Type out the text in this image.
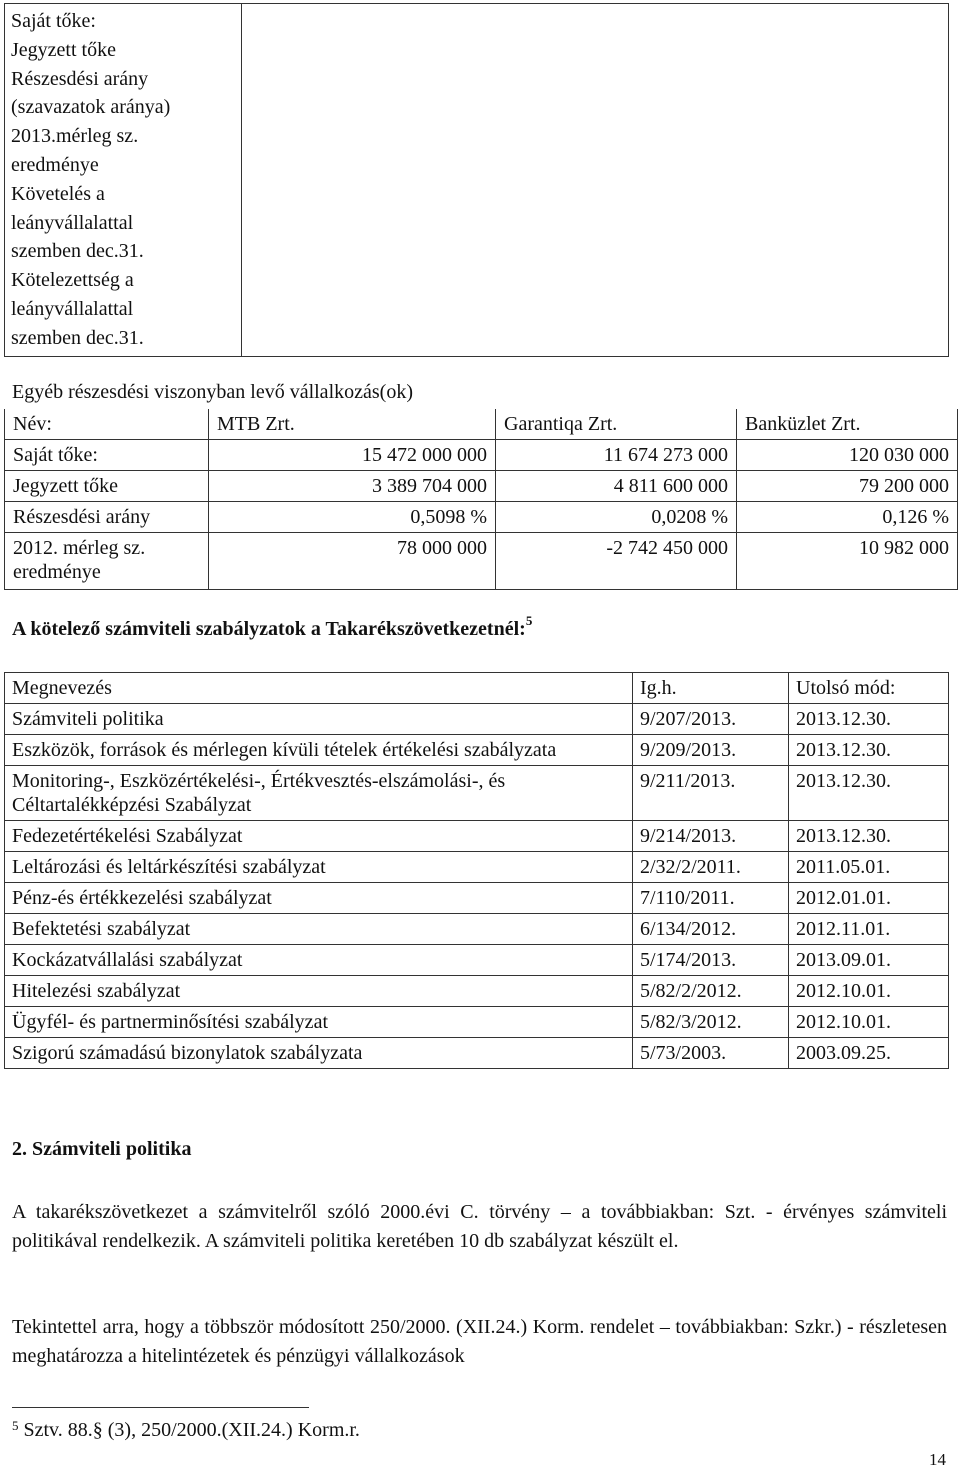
Saját tőke:
Jegyzett tőke
Részesdési arány
(szavazatok aránya)
2013.mérleg sz.
eredménye
Követelés a
leányvállalattal
szemben dec.31.
Kötelezettség a
leányvállalattal
szemben dec.31.

Egyéb részesdési viszonyban levő vállalkozás(ok)
Név:	MTB Zrt.	Garantiqa Zrt.	Banküzlet Zrt.
Saját tőke:	15 472 000 000	11 674 273 000	120 030 000
Jegyzett tőke	3 389 704 000	4 811 600 000	79 200 000
Részesdési arány	0,5098 %	0,0208 %	0,126 %
2012. mérleg sz. eredménye	78 000 000	-2 742 450 000	10 982 000
A kötelező számviteli szabályzatok a Takarékszövetkezetnél:$^5$
Megnevezés	Ig.h.	Utolsó mód:
Számviteli politika	9/207/2013.	2013.12.30.
Eszközök, források és mérlegen kívüli tételek értékelési szabályzata	9/209/2013.	2013.12.30.
Monitoring-, Eszközértékelési-, Értékvesztés-elszámolási-, és Céltartalékképzési Szabályzat	9/211/2013.	2013.12.30.
Fedezetértékelési Szabályzat	9/214/2013.	2013.12.30.
Leltározási és leltárkészítési szabályzat	2/32/2/2011.	2011.05.01.
Pénz-és értékkezelési szabályzat	7/110/2011.	2012.01.01.
Befektetési szabályzat	6/134/2012.	2012.11.01.
Kockázatvállalási szabályzat	5/174/2013.	2013.09.01.
Hitelezési szabályzat	5/82/2/2012.	2012.10.01.
Ügyfél- és partnerminősítési szabályzat	5/82/3/2012.	2012.10.01.
Szigorú számadású bizonylatok szabályzata	5/73/2003.	2003.09.25.
2. Számviteli politika
A takarékszövetkezet a számvitelről szóló 2000.évi C. törvény – a továbbiakban: Szt. - érvényes számviteli politikával rendelkezik. A számviteli politika keretében 10 db szabályzat készült el.
Tekintettel arra, hogy a többször módosított 250/2000. (XII.24.) Korm. rendelet – továbbiakban: Szkr.) - részletesen meghatározza a hitelintézetek és pénzügyi vállalkozások
$^5$ Sztv. 88.§ (3), 250/2000.(XII.24.) Korm.r.
14
